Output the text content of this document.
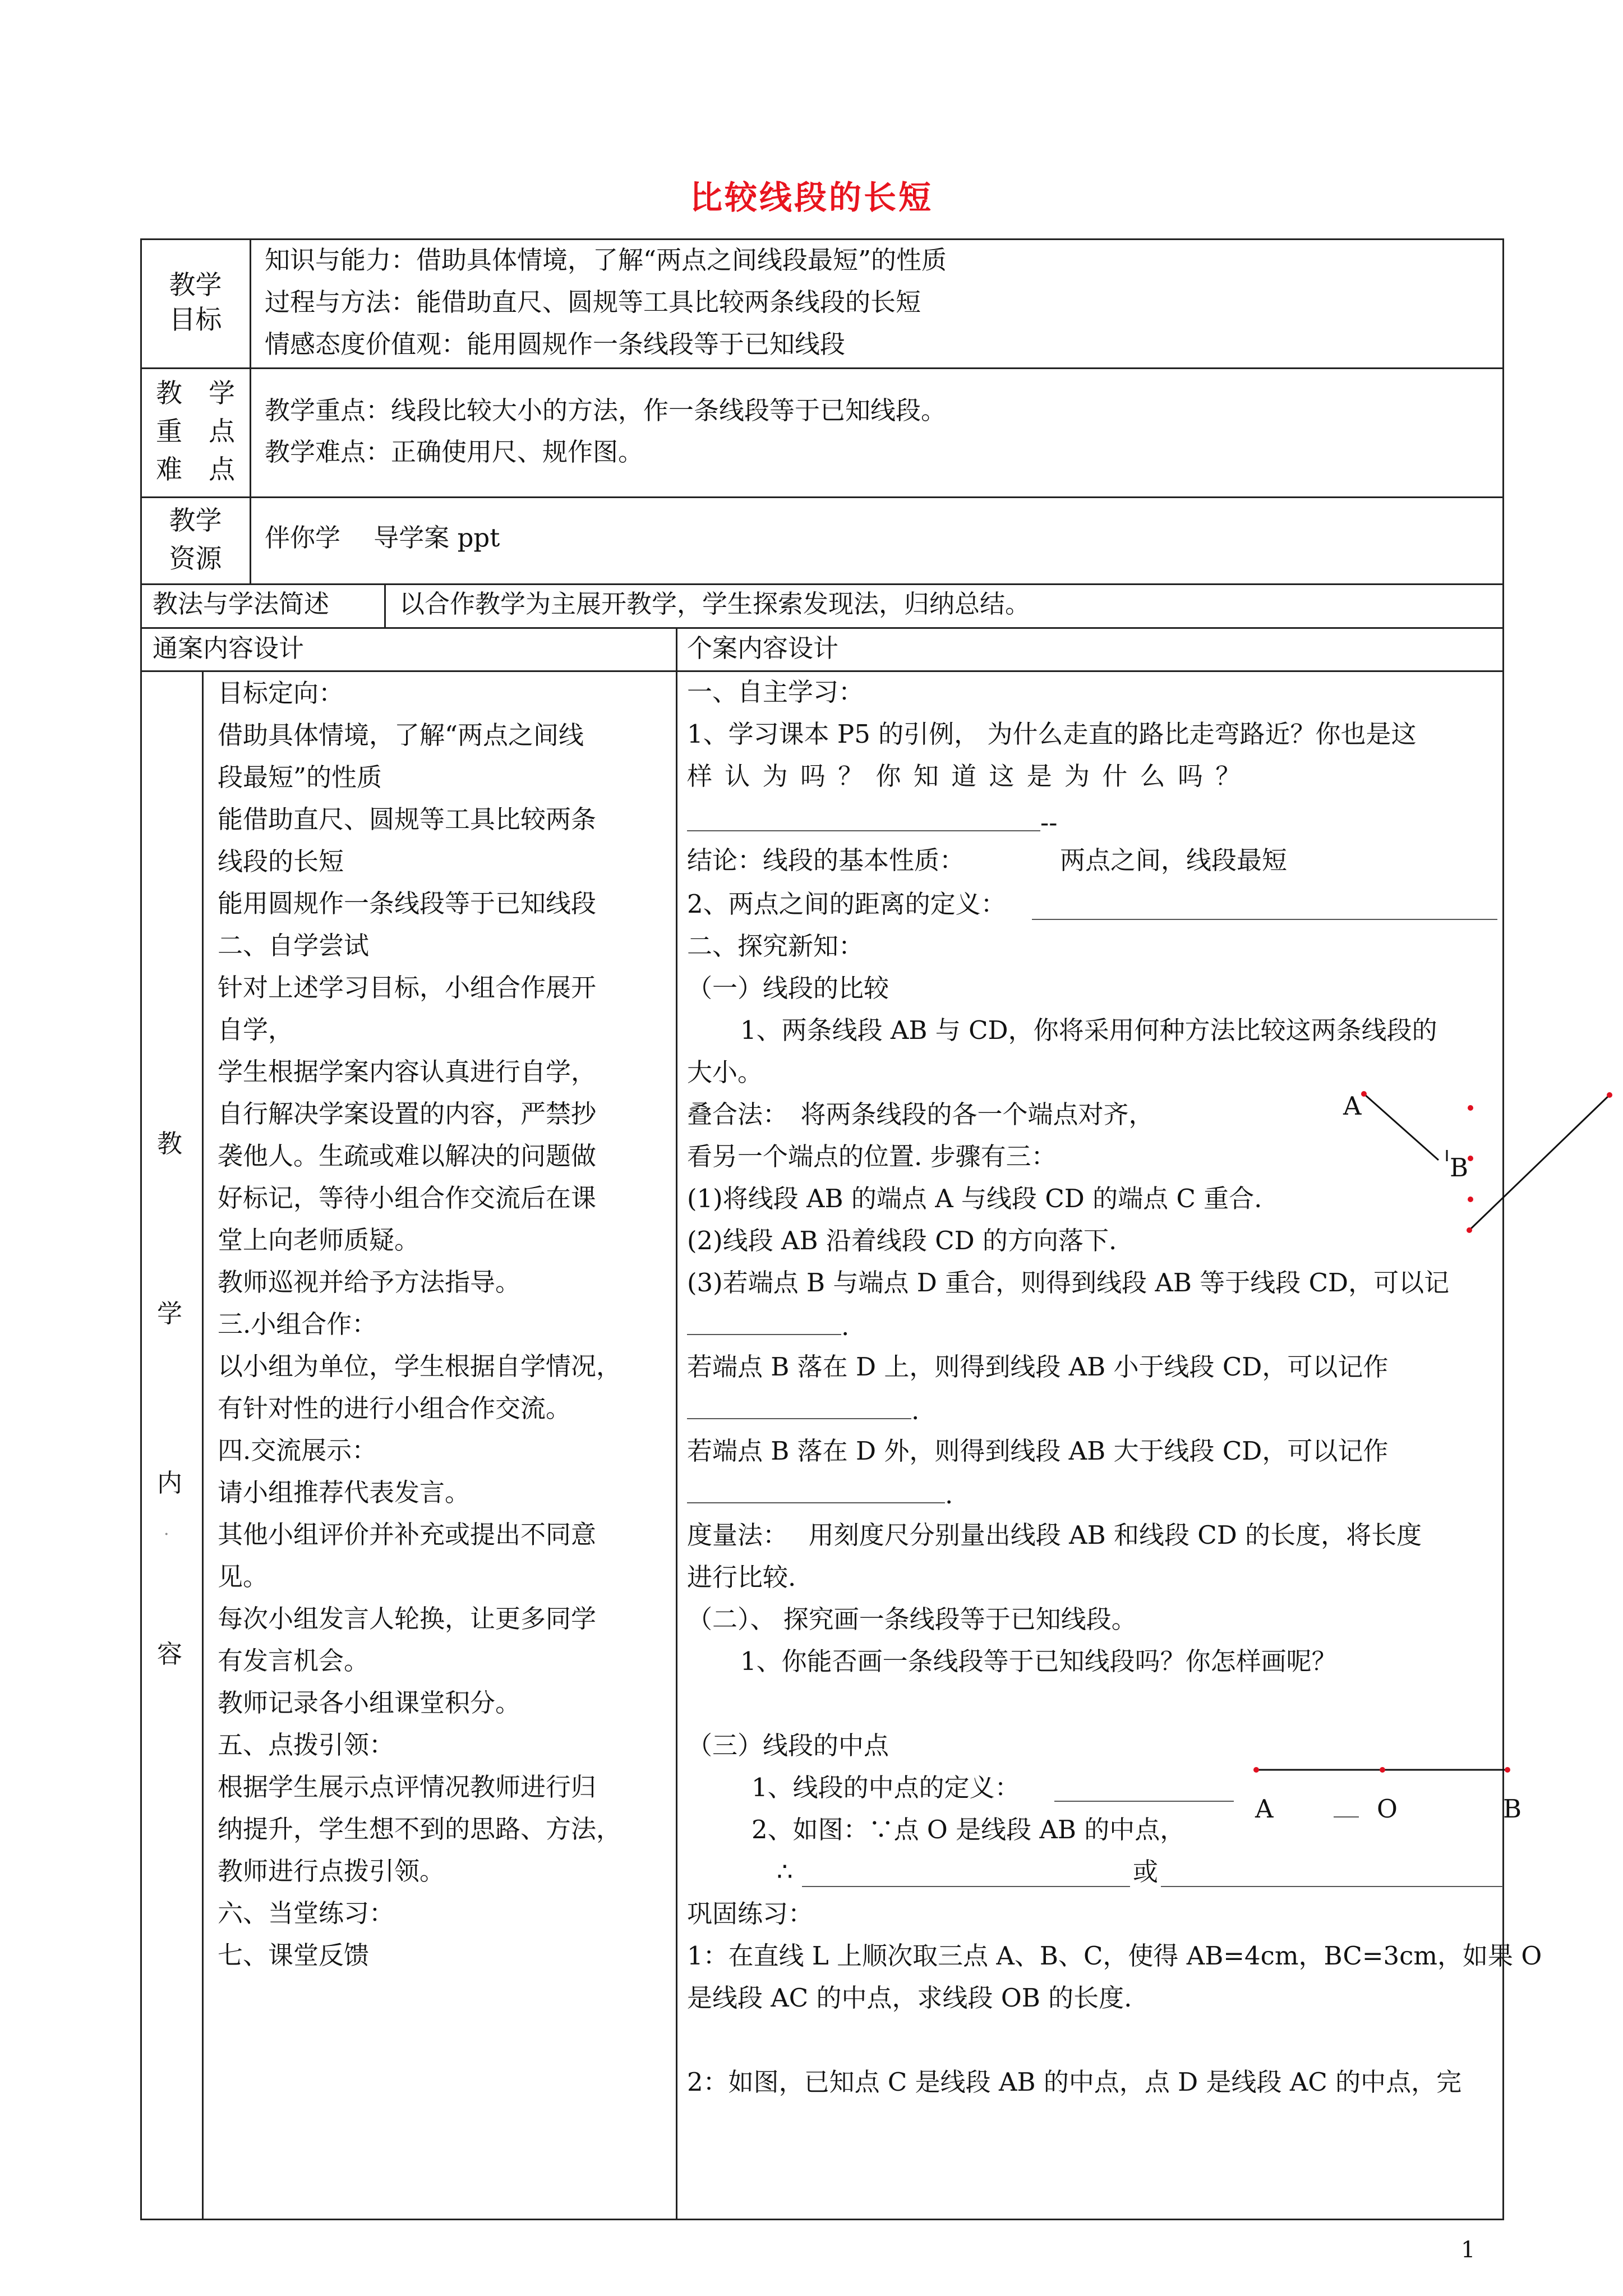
比较线段的长短
教学目标
知识与能力：借助具体情境，了解“两点之间线段最短”的性质
过程与方法：能借助直尺、圆规等工具比较两条线段的长短
情感态度价值观：能用圆规作一条线段等于已知线段
教　学
重　点
难　点
教学重点：线段比较大小的方法，作一条线段等于已知线段。
教学难点：正确使用尺、规作图。
教学资源
伴你学　 导学案 ppt
教法与学法简述	以合作教学为主展开教学，学生探索发现法，归纳总结。
通案内容设计	个案内容设计
教
学
内
容
·
目标定向：
借助具体情境，了解“两点之间线
段最短”的性质
能借助直尺、圆规等工具比较两条
线段的长短
能用圆规作一条线段等于已知线段
二、自学尝试
针对上述学习目标，小组合作展开
自学，
学生根据学案内容认真进行自学，
自行解决学案设置的内容，严禁抄
袭他人。生疏或难以解决的问题做
好标记，等待小组合作交流后在课
堂上向老师质疑。
教师巡视并给予方法指导。
三.小组合作：
以小组为单位，学生根据自学情况，
有针对性的进行小组合作交流。
四.交流展示：
请小组推荐代表发言。
其他小组评价并补充或提出不同意
见。
每次小组发言人轮换，让更多同学
有发言机会。
教师记录各小组课堂积分。
五、点拨引领：
根据学生展示点评情况教师进行归
纳提升，学生想不到的思路、方法，
教师进行点拨引领。
六、当堂练习：
七、课堂反馈
一、自主学习：
1、学习课本 P5 的引例， 为什么走直的路比走弯路近？你也是这
样 认 为 吗 ？ 你 知 道 这 是 为 什 么 吗 ？
--
结论：线段的基本性质：	两点之间，线段最短
2、两点之间的距离的定义：
二、探究新知：
（一）线段的比较
1、两条线段 AB 与 CD，你将采用何种方法比较这两条线段的
大小。
叠合法：　将两条线段的各一个端点对齐，
看另一个端点的位置. 步骤有三：
(1)将线段 AB 的端点 A 与线段 CD 的端点 C 重合.
(2)线段 AB 沿着线段 CD 的方向落下.
(3)若端点 B 与端点 D 重合，则得到线段 AB 等于线段 CD，可以记
.
若端点 B 落在 D 上，则得到线段 AB 小于线段 CD，可以记作
.
若端点 B 落在 D 外，则得到线段 AB 大于线段 CD，可以记作
.
度量法：　 用刻度尺分别量出线段 AB 和线段 CD 的长度，将长度
进行比较.
（二）、 探究画一条线段等于已知线段。
1、你能否画一条线段等于已知线段吗？你怎样画呢？
（三）线段的中点
1、线段的中点的定义：
2、如图：∵点 O 是线段 AB 的中点，
∴	或
巩固练习：
1：在直线 L 上顺次取三点 A、B、C，使得 AB=4cm，BC=3cm，如果 O
是线段 AC 的中点，求线段 OB 的长度.
2：如图，已知点 C 是线段 AB 的中点，点 D 是线段 AC 的中点，完
A
B
A	O	B
1
